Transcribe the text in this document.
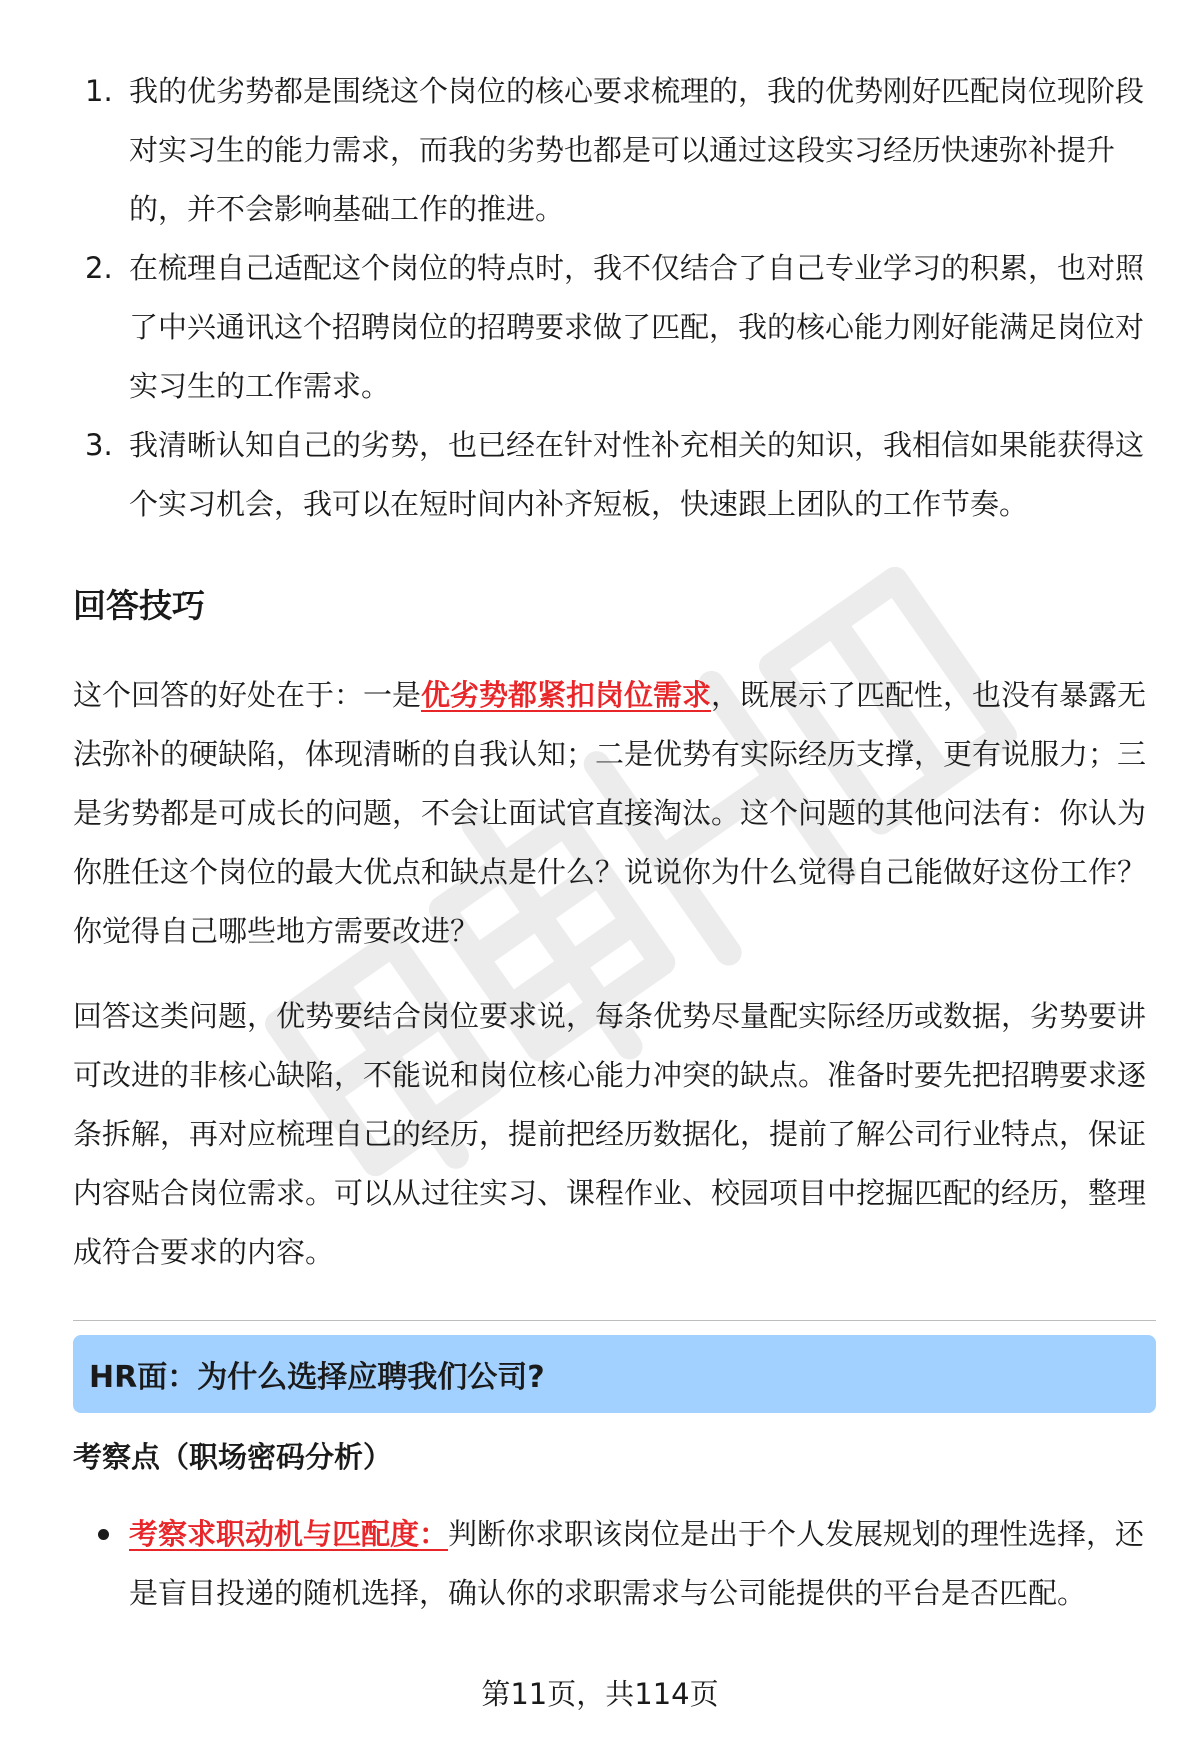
1. 我的优劣势都是围绕这个岗位的核心要求梳理的，我的优势刚好匹配岗位现阶段对实习生的能力需求，而我的劣势也都是可以通过这段实习经历快速弥补提升的，并不会影响基础工作的推进。
2. 在梳理自己适配这个岗位的特点时，我不仅结合了自己专业学习的积累，也对照了中兴通讯这个招聘岗位的招聘要求做了匹配，我的核心能力刚好能满足岗位对实习生的工作需求。
3. 我清晰认知自己的劣势，也已经在针对性补充相关的知识，我相信如果能获得这个实习机会，我可以在短时间内补齐短板，快速跟上团队的工作节奏。
回答技巧

这个回答的好处在于：一是优劣势都紧扣岗位需求，既展示了匹配性，也没有暴露无法弥补的硬缺陷，体现清晰的自我认知；二是优势有实际经历支撑，更有说服力；三是劣势都是可成长的问题，不会让面试官直接淘汰。这个问题的其他问法有：你认为你胜任这个岗位的最大优点和缺点是什么？说说你为什么觉得自己能做好这份工作？你觉得自己哪些地方需要改进？

回答这类问题，优势要结合岗位要求说，每条优势尽量配实际经历或数据，劣势要讲可改进的非核心缺陷，不能说和岗位核心能力冲突的缺点。准备时要先把招聘要求逐条拆解，再对应梳理自己的经历，提前把经历数据化，提前了解公司行业特点，保证内容贴合岗位需求。可以从过往实习、课程作业、校园项目中挖掘匹配的经历，整理成符合要求的内容。

HR面：为什么选择应聘我们公司?
考察点（职场密码分析）
考察求职动机与匹配度：判断你求职该岗位是出于个人发展规划的理性选择，还是盲目投递的随机选择，确认你的求职需求与公司能提供的平台是否匹配。
第11页，共114页
